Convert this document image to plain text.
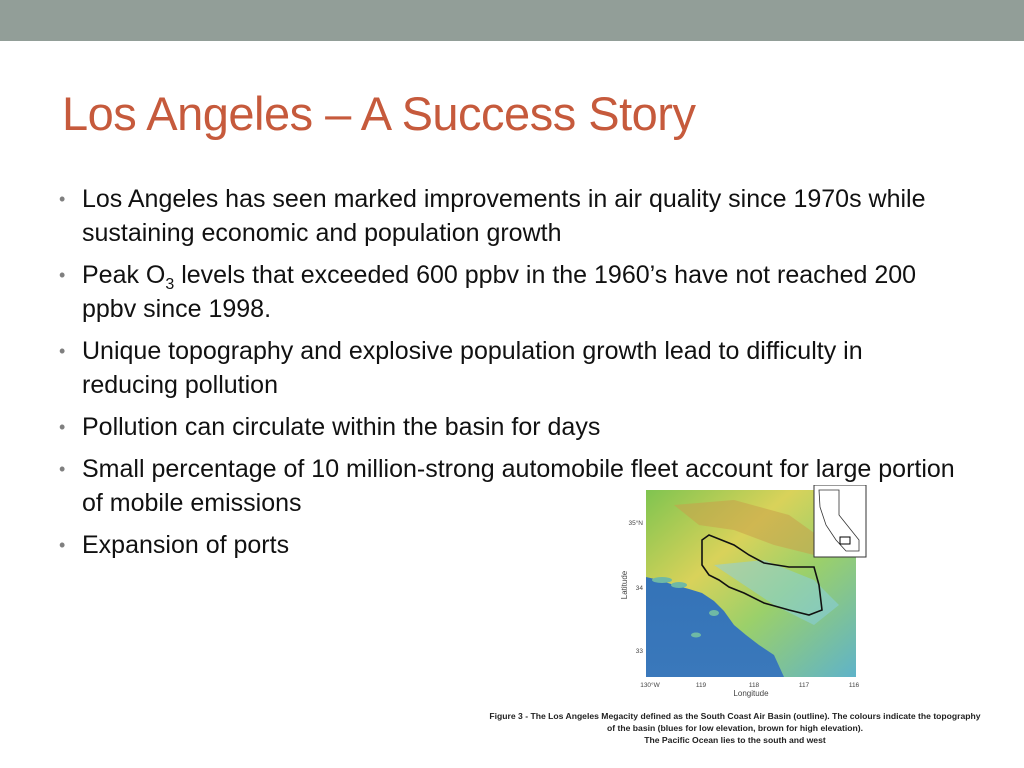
Los Angeles – A Success Story
• Los Angeles has seen marked improvements in air quality since 1970s while sustaining economic and population growth
• Peak $O_3$ levels that exceeded 600 ppbv in the 1960’s have not reached 200 ppbv since 1998.
• Unique topography and explosive population growth lead to difficulty in reducing pollution
• Pollution can circulate within the basin for days
• Small percentage of 10 million-strong automobile fleet account for large portion of mobile emissions
• Expansion of ports
Latitude
Longitude
35°N
34
33
130°W	119	118	117	116
Figure 3 - The Los Angeles Megacity defined as the South Coast Air Basin (outline). The colours indicate the topography
of the basin (blues for low elevation, brown for high elevation).
The Pacific Ocean lies to the south and west
